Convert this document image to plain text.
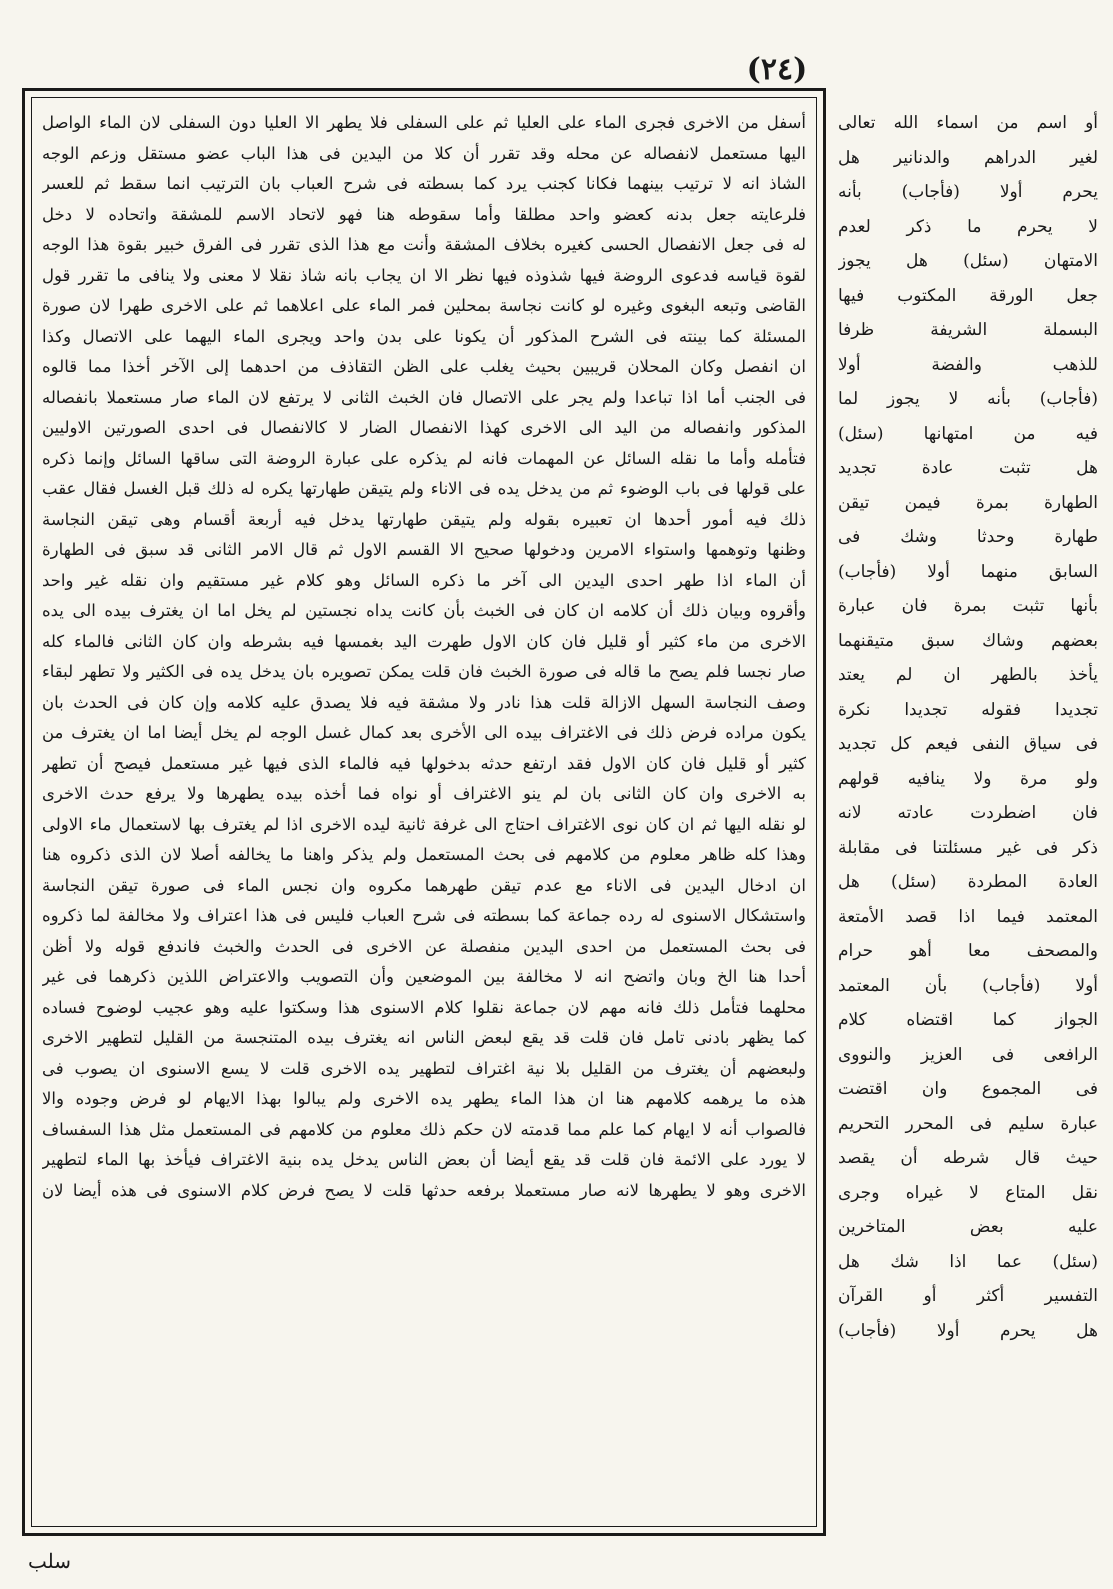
(٢٤)
أسفل من الاخرى فجرى الماء على العليا ثم على السفلى فلا يطهر الا العليا دون السفلى لان الماء الواصل
اليها مستعمل لانفصاله عن محله وقد تقرر أن كلا من اليدين فى هذا الباب عضو مستقل وزعم الوجه
الشاذ انه لا ترتيب بينهما فكانا كجنب يرد كما بسطته فى شرح العباب بان الترتيب انما سقط ثم للعسر
فلرعايته جعل بدنه كعضو واحد مطلقا وأما سقوطه هنا فهو لاتحاد الاسم للمشقة واتحاده لا دخل
له فى جعل الانفصال الحسى كغيره بخلاف المشقة وأنت مع هذا الذى تقرر فى الفرق خبير بقوة هذا الوجه
لقوة قياسه فدعوى الروضة فيها شذوذه فيها نظر الا ان يجاب بانه شاذ نقلا لا معنى ولا ينافى ما تقرر قول
القاضى وتبعه البغوى وغيره لو كانت نجاسة بمحلين فمر الماء على اعلاهما ثم على الاخرى طهرا لان صورة
المسئلة كما بينته فى الشرح المذكور أن يكونا على بدن واحد ويجرى الماء اليهما على الاتصال وكذا
ان انفصل وكان المحلان قريبين بحيث يغلب على الظن التقاذف من احدهما إلى الآخر أخذا مما قالوه
فى الجنب أما اذا تباعدا ولم يجر على الاتصال فان الخبث الثانى لا يرتفع لان الماء صار مستعملا بانفصاله
المذكور وانفصاله من اليد الى الاخرى كهذا الانفصال الضار لا كالانفصال فى احدى الصورتين الاوليين
فتأمله وأما ما نقله السائل عن المهمات فانه لم يذكره على عبارة الروضة التى ساقها السائل وإنما ذكره
على قولها فى باب الوضوء ثم من يدخل يده فى الاناء ولم يتيقن طهارتها يكره له ذلك قبل الغسل فقال عقب
ذلك فيه أمور أحدها ان تعبيره بقوله ولم يتيقن طهارتها يدخل فيه أربعة أقسام وهى تيقن النجاسة
وظنها وتوهمها واستواء الامرين ودخولها صحيح الا القسم الاول ثم قال الامر الثانى قد سبق فى الطهارة
أن الماء اذا طهر احدى اليدين الى آخر ما ذكره السائل وهو كلام غير مستقيم وان نقله غير واحد
وأقروه وبيان ذلك أن كلامه ان كان فى الخبث بأن كانت يداه نجستين لم يخل اما ان يغترف بيده الى يده
الاخرى من ماء كثير أو قليل فان كان الاول طهرت اليد بغمسها فيه بشرطه وان كان الثانى فالماء كله
صار نجسا فلم يصح ما قاله فى صورة الخبث فان قلت يمكن تصويره بان يدخل يده فى الكثير ولا تطهر لبقاء
وصف النجاسة السهل الازالة قلت هذا نادر ولا مشقة فيه فلا يصدق عليه كلامه وإن كان فى الحدث بان
يكون مراده فرض ذلك فى الاغتراف بيده الى الأخرى بعد كمال غسل الوجه لم يخل أيضا اما ان يغترف من
كثير أو قليل فان كان الاول فقد ارتفع حدثه بدخولها فيه فالماء الذى فيها غير مستعمل فيصح أن تطهر
به الاخرى وان كان الثانى بان لم ينو الاغتراف أو نواه فما أخذه بيده يطهرها ولا يرفع حدث الاخرى
لو نقله اليها ثم ان كان نوى الاغتراف احتاج الى غرفة ثانية ليده الاخرى اذا لم يغترف بها لاستعمال ماء الاولى
وهذا كله ظاهر معلوم من كلامهم فى بحث المستعمل ولم يذكر واهنا ما يخالفه أصلا لان الذى ذكروه هنا
ان ادخال اليدين فى الاناء مع عدم تيقن طهرهما مكروه وان نجس الماء فى صورة تيقن النجاسة
واستشكال الاسنوى له رده جماعة كما بسطته فى شرح العباب فليس فى هذا اعتراف ولا مخالفة لما ذكروه
فى بحث المستعمل من احدى اليدين منفصلة عن الاخرى فى الحدث والخبث فاندفع قوله ولا أظن
أحدا هنا الخ وبان واتضح انه لا مخالفة بين الموضعين وأن التصويب والاعتراض اللذين ذكرهما فى غير
محلهما فتأمل ذلك فانه مهم لان جماعة نقلوا كلام الاسنوى هذا وسكتوا عليه وهو عجيب لوضوح فساده
كما يظهر بادنى تامل فان قلت قد يقع لبعض الناس انه يغترف بيده المتنجسة من القليل لتطهير الاخرى
ولبعضهم أن يغترف من القليل بلا نية اغتراف لتطهير يده الاخرى قلت لا يسع الاسنوى ان يصوب فى
هذه ما يرهمه كلامهم هنا ان هذا الماء يطهر يده الاخرى ولم يبالوا بهذا الايهام لو فرض وجوده والا
فالصواب أنه لا ايهام كما علم مما قدمته لان حكم ذلك معلوم من كلامهم فى المستعمل مثل هذا السفساف
لا يورد على الائمة فان قلت قد يقع أيضا أن بعض الناس يدخل يده بنية الاغتراف فيأخذ بها الماء لتطهير
الاخرى وهو لا يطهرها لانه صار مستعملا برفعه حدثها قلت لا يصح فرض كلام الاسنوى فى هذه أيضا لان
أو اسم من اسماء الله تعالى
لغير الدراهم والدنانير هل
يحرم أولا (فأجاب) بأنه
لا يحرم ما ذكر لعدم
الامتهان (سئل) هل يجوز
جعل الورقة المكتوب فيها
البسملة الشريفة ظرفا
للذهب والفضة أولا
(فأجاب) بأنه لا يجوز لما
فيه من امتهانها (سئل)
هل تثبت عادة تجديد
الطهارة بمرة فيمن تيقن
طهارة وحدثا وشك فى
السابق منهما أولا (فأجاب)
بأنها تثبت بمرة فان عبارة
بعضهم وشاك سبق متيقنهما
يأخذ بالطهر ان لم يعتد
تجديدا فقوله تجديدا نكرة
فى سياق النفى فيعم كل تجديد
ولو مرة ولا ينافيه قولهم
فان اضطردت عادته لانه
ذكر فى غير مسئلتنا فى مقابلة
العادة المطردة (سئل) هل
المعتمد فيما اذا قصد الأمتعة
والمصحف معا أهو حرام
أولا (فأجاب) بأن المعتمد
الجواز كما اقتضاه كلام
الرافعى فى العزيز والنووى
فى المجموع وان اقتضت
عبارة سليم فى المحرر التحريم
حيث قال شرطه أن يقصد
نقل المتاع لا غيراه وجرى
عليه بعض المتاخرين
(سئل) عما اذا شك هل
التفسير أكثر أو القرآن
هل يحرم أولا (فأجاب)
سلب
